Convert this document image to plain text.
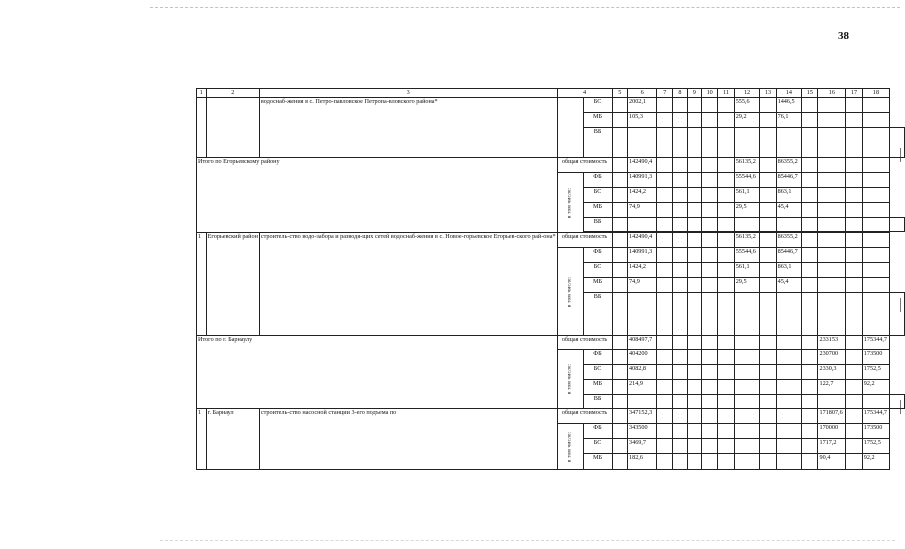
38
1	2	3	4		5	6	7	8	9	10	11	12	13	14	15	16	17	18	
		водоснаб-жения в с. Петро-павловское Петропа-вловского района*		БС		2002,1						555,6		1446,5					
				МБ		105,3						29,2		76,1					
				ВБ															
Итого по Егорьевскому району			общая стоимость			142490,4						56135,2		86355,2					

			в том числе:	ФБ		140991,3						55544,6		85446,7					
				БС		1424,2						561,1		863,1					
				МБ		74,9						29,5		45,4					
				ВБ															

1	Егорьевский район	строитель-ство водо-забора и разводя-щих сетей водоснаб-жения в с. Новое-горьевское Егорьев-ского рай-она*	общая стоимость			142490,4						56135,2		86355,2					

			в том числе:	ФБ		140991,3						55544,6		85446,7					
				БС		1424,2						561,1		863,1					
				МБ		74,9						29,5		45,4					
				ВБ															
Итого по г. Барнаулу			общая стоимость			408497,7										233153		175344,7	

			в том числе:	ФБ		404200										230700		173500	
				БС		4082,8										2330,3		1752,5	
				МБ		214,9										122,7		92,2	
				ВБ															
1	г. Барнаул	строитель-ство насосной станции 3-его подъема по	общая стоимость			347152,3										171807,6		175344,7	

			в том числе:	ФБ		343500										170000		173500	
				БС		3469,7										1717,2		1752,5	
				МБ		182,6										90,4		92,2	
